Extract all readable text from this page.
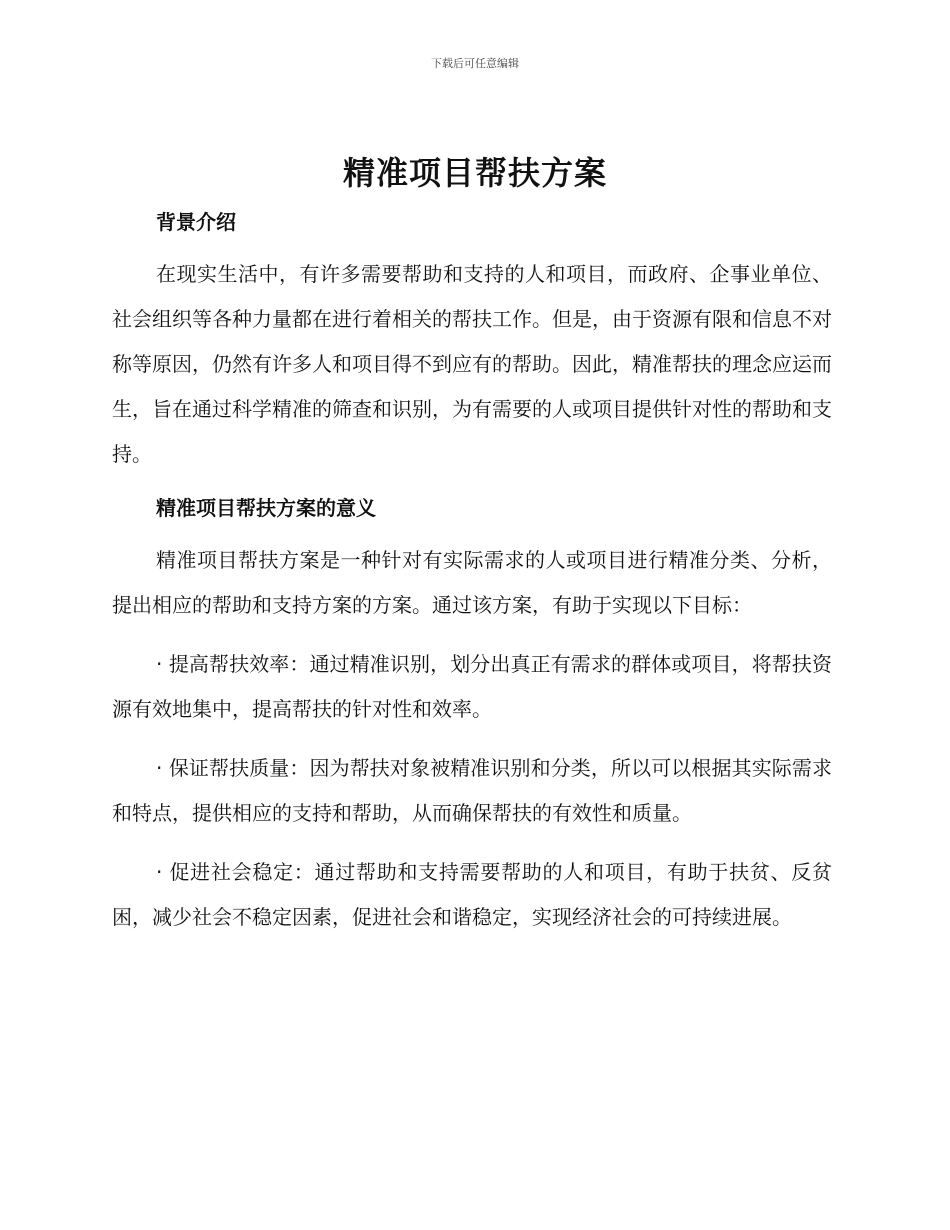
下载后可任意编辑
精准项目帮扶方案
背景介绍

在现实生活中，有许多需要帮助和支持的人和项目，而政府、企事业单位、社会组织等各种力量都在进行着相关的帮扶工作。但是，由于资源有限和信息不对称等原因，仍然有许多人和项目得不到应有的帮助。因此，精准帮扶的理念应运而生，旨在通过科学精准的筛查和识别，为有需要的人或项目提供针对性的帮助和支持。

精准项目帮扶方案的意义

精准项目帮扶方案是一种针对有实际需求的人或项目进行精准分类、分析，提出相应的帮助和支持方案的方案。通过该方案，有助于实现以下目标：

· 提高帮扶效率：通过精准识别，划分出真正有需求的群体或项目，将帮扶资源有效地集中，提高帮扶的针对性和效率。

· 保证帮扶质量：因为帮扶对象被精准识别和分类，所以可以根据其实际需求和特点，提供相应的支持和帮助，从而确保帮扶的有效性和质量。

· 促进社会稳定：通过帮助和支持需要帮助的人和项目，有助于扶贫、反贫困，减少社会不稳定因素，促进社会和谐稳定，实现经济社会的可持续进展。
